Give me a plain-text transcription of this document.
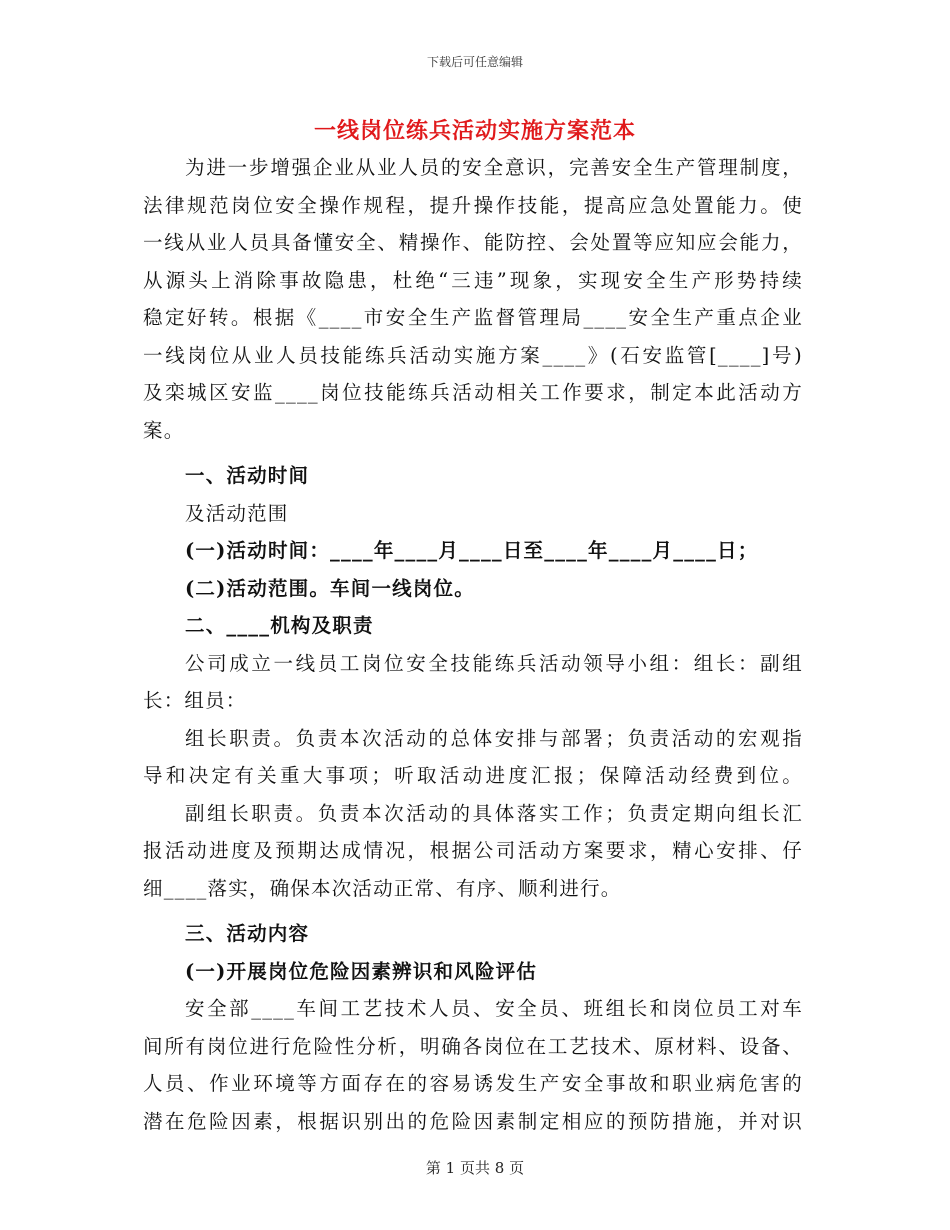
下载后可任意编辑
一线岗位练兵活动实施方案范本
为进一步增强企业从业人员的安全意识，完善安全生产管理制度，
法律规范岗位安全操作规程，提升操作技能，提高应急处置能力。使
一线从业人员具备懂安全、精操作、能防控、会处置等应知应会能力，
从源头上消除事故隐患，杜绝“三违”现象，实现安全生产形势持续
稳定好转。根据《____市安全生产监督管理局____安全生产重点企业
一线岗位从业人员技能练兵活动实施方案____》(石安监管[____]号)
及栾城区安监____岗位技能练兵活动相关工作要求，制定本此活动方
案。
一、活动时间
及活动范围
(一)活动时间：____年____月____日至____年____月____日；
(二)活动范围。车间一线岗位。
二、____机构及职责
公司成立一线员工岗位安全技能练兵活动领导小组：组长：副组
长：组员：
组长职责。负责本次活动的总体安排与部署；负责活动的宏观指
导和决定有关重大事项；听取活动进度汇报；保障活动经费到位。
副组长职责。负责本次活动的具体落实工作；负责定期向组长汇
报活动进度及预期达成情况，根据公司活动方案要求，精心安排、仔
细____落实，确保本次活动正常、有序、顺利进行。
三、活动内容
(一)开展岗位危险因素辨识和风险评估
安全部____车间工艺技术人员、安全员、班组长和岗位员工对车
间所有岗位进行危险性分析，明确各岗位在工艺技术、原材料、设备、
人员、作业环境等方面存在的容易诱发生产安全事故和职业病危害的
潜在危险因素，根据识别出的危险因素制定相应的预防措施，并对识
第 1 页共 8 页
